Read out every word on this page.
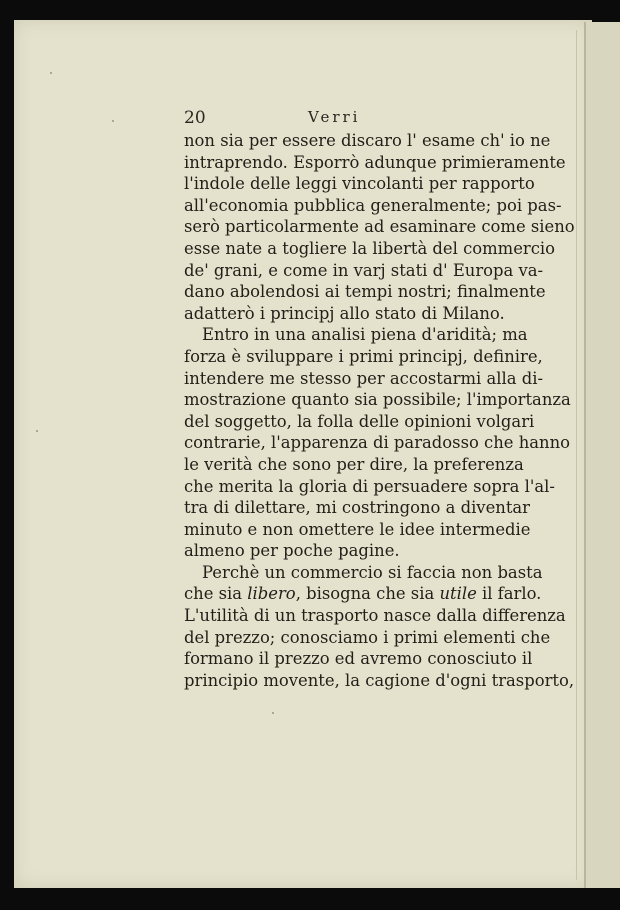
20	Verri
non sia per essere discaro l' esame ch' io ne
intraprendo. Esporrò adunque primieramente
l'indole delle leggi vincolanti per rapporto
all'economia pubblica generalmente; poi pas-
serò particolarmente ad esaminare come sieno
esse nate a togliere la libertà del commercio
de' grani, e come in varj stati d' Europa va-
dano abolendosi ai tempi nostri; finalmente
adatterò i principj allo stato di Milano.
Entro in una analisi piena d'aridità; ma
forza è sviluppare i primi principj, definire,
intendere me stesso per accostarmi alla di-
mostrazione quanto sia possibile; l'importanza
del soggetto, la folla delle opinioni volgari
contrarie, l'apparenza di paradosso che hanno
le verità che sono per dire, la preferenza
che merita la gloria di persuadere sopra l'al-
tra di dilettare, mi costringono a diventar
minuto e non omettere le idee intermedie
almeno per poche pagine.
Perchè un commercio si faccia non basta
che sia libero, bisogna che sia utile il farlo.
L'utilità di un trasporto nasce dalla differenza
del prezzo; conosciamo i primi elementi che
formano il prezzo ed avremo conosciuto il
principio movente, la cagione d'ogni trasporto,
